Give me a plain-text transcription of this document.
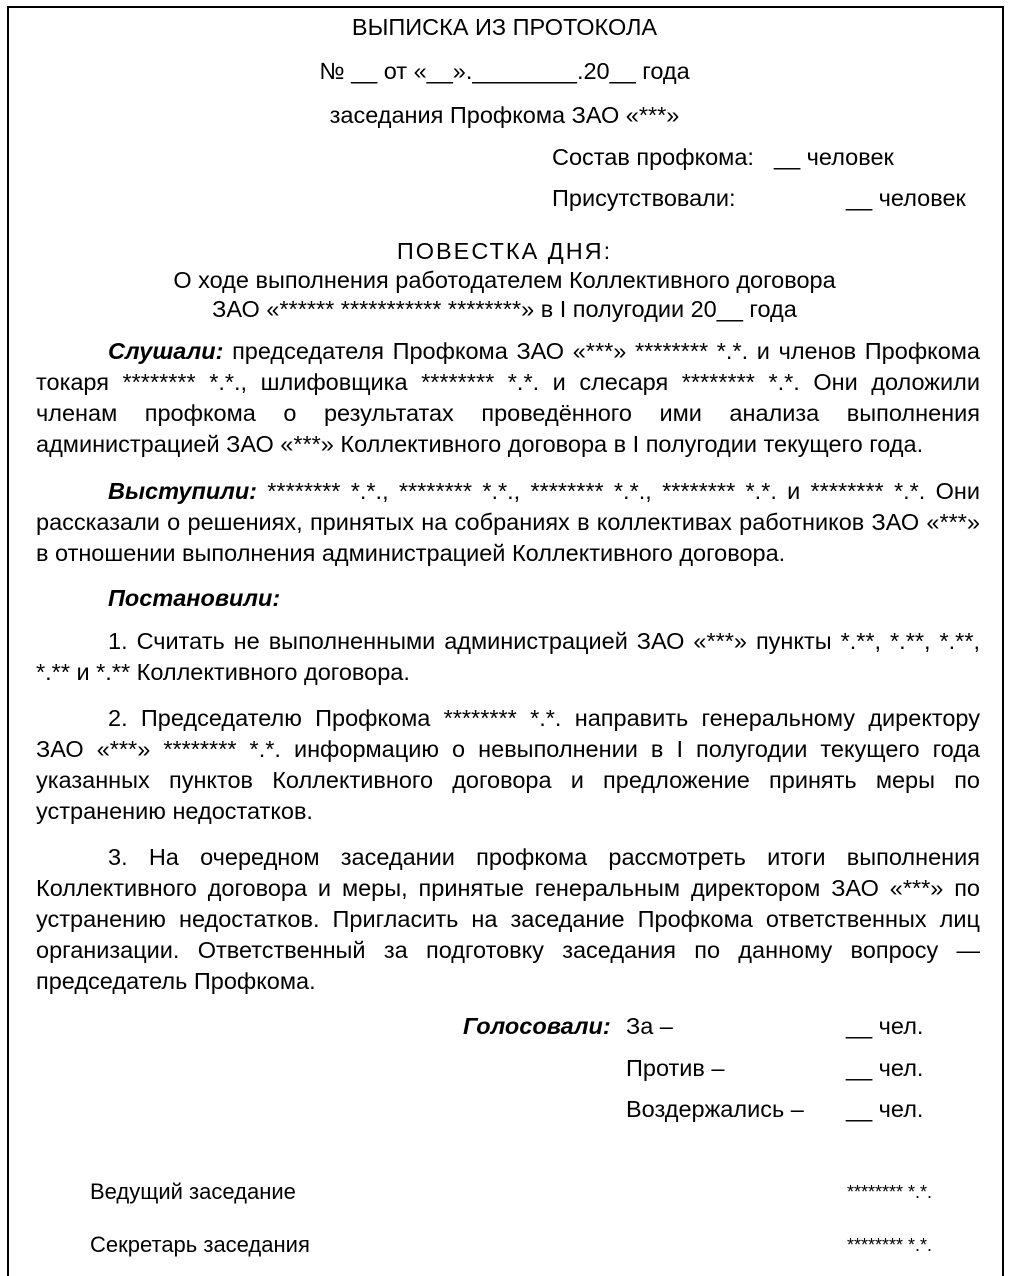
ВЫПИСКА ИЗ ПРОТОКОЛА
№ __ от «__».________.20__ года
заседания Профкома ЗАО «***»
Состав профкома: __ человек
Присутствовали:	__ человек
ПОВЕСТКА ДНЯ:
О ходе выполнения работодателем Коллективного договора
ЗАО «****** *********** ********» в I полугодии 20__ года
Слушали: председателя Профкома ЗАО «***» ******** *.*. и членов Профкома токаря ******** *.*., шлифовщика ******** *.*. и слесаря ******** *.*. Они доложили членам профкома о результатах проведённого ими анализа выполнения администрацией ЗАО «***» Коллективного договора в I полугодии текущего года.
Выступили: ******** *.*., ******** *.*., ******** *.*., ******** *.*. и ******** *.*. Они рассказали о решениях, принятых на собраниях в коллективах работников ЗАО «***» в отношении выполнения администрацией Коллективного договора.
Постановили:
1. Считать не выполненными администрацией ЗАО «***» пункты *.**, *.**, *.**, *.** и *.** Коллективного договора.
2. Председателю Профкома ******** *.*. направить генеральному директору ЗАО «***» ******** *.*. информацию о невыполнении в I полугодии текущего года указанных пунктов Коллективного договора и предложение принять меры по устранению недостатков.
3. На очередном заседании профкома рассмотреть итоги выполнения Коллективного договора и меры, принятые генеральным директором ЗАО «***» по устранению недостатков. Пригласить на заседание Профкома ответственных лиц организации. Ответственный за подготовку заседания по данному вопросу — председатель Профкома.
Голосовали: За –	__ чел.
Против –	__ чел.
Воздержались – __ чел.
Ведущий заседание	******** *.*.
Секретарь заседания	******** *.*.
